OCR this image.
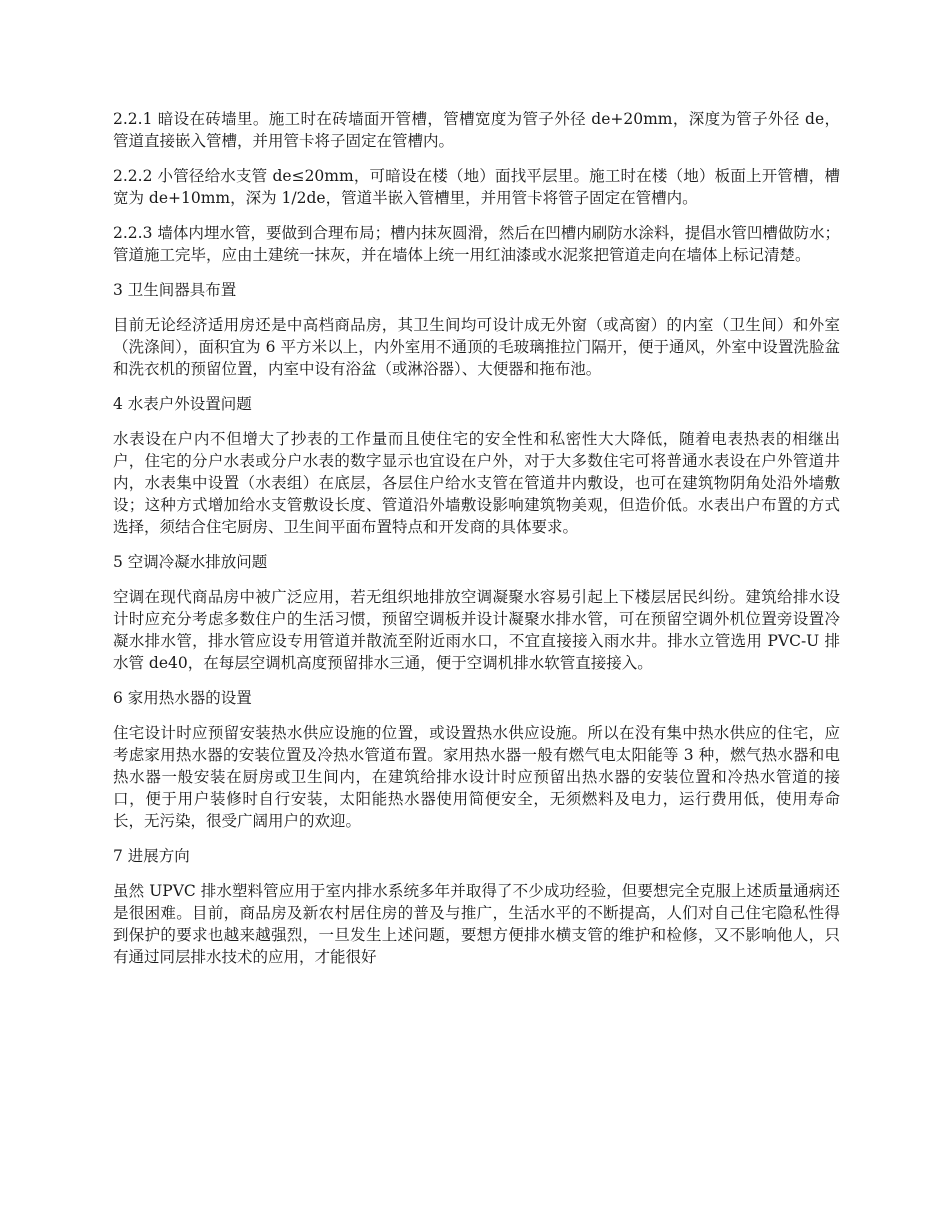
2.2.1 暗设在砖墙里。施工时在砖墙面开管槽，管槽宽度为管子外径 de+20mm，深度为管子外径 de，管道直接嵌入管槽，并用管卡将子固定在管槽内。

2.2.2 小管径给水支管 de≤20mm，可暗设在楼（地）面找平层里。施工时在楼（地）板面上开管槽，槽宽为 de+10mm，深为 1/2de，管道半嵌入管槽里，并用管卡将管子固定在管槽内。

2.2.3 墙体内埋水管，要做到合理布局；槽内抹灰圆滑，然后在凹槽内刷防水涂料，提倡水管凹槽做防水；管道施工完毕，应由土建统一抹灰，并在墙体上统一用红油漆或水泥浆把管道走向在墙体上标记清楚。

3 卫生间器具布置

目前无论经济适用房还是中高档商品房，其卫生间均可设计成无外窗（或高窗）的内室（卫生间）和外室（洗涤间），面积宜为 6 平方米以上，内外室用不通顶的毛玻璃推拉门隔开，便于通风，外室中设置洗脸盆和洗衣机的预留位置，内室中设有浴盆（或淋浴器）、大便器和拖布池。

4 水表户外设置问题

水表设在户内不但增大了抄表的工作量而且使住宅的安全性和私密性大大降低，随着电表热表的相继出户，住宅的分户水表或分户水表的数字显示也宜设在户外，对于大多数住宅可将普通水表设在户外管道井内，水表集中设置（水表组）在底层，各层住户给水支管在管道井内敷设，也可在建筑物阴角处沿外墙敷设；这种方式增加给水支管敷设长度、管道沿外墙敷设影响建筑物美观，但造价低。水表出户布置的方式选择，须结合住宅厨房、卫生间平面布置特点和开发商的具体要求。

5 空调冷凝水排放问题

空调在现代商品房中被广泛应用，若无组织地排放空调凝聚水容易引起上下楼层居民纠纷。建筑给排水设计时应充分考虑多数住户的生活习惯，预留空调板并设计凝聚水排水管，可在预留空调外机位置旁设置冷凝水排水管，排水管应设专用管道并散流至附近雨水口，不宜直接接入雨水井。排水立管选用 PVC-U 排水管 de40，在每层空调机高度预留排水三通，便于空调机排水软管直接接入。

6 家用热水器的设置

住宅设计时应预留安装热水供应设施的位置，或设置热水供应设施。所以在没有集中热水供应的住宅，应考虑家用热水器的安装位置及冷热水管道布置。家用热水器一般有燃气电太阳能等 3 种，燃气热水器和电热水器一般安装在厨房或卫生间内，在建筑给排水设计时应预留出热水器的安装位置和冷热水管道的接口，便于用户装修时自行安装，太阳能热水器使用简便安全，无须燃料及电力，运行费用低，使用寿命长，无污染，很受广阔用户的欢迎。

7 进展方向

虽然 UPVC 排水塑料管应用于室内排水系统多年并取得了不少成功经验，但要想完全克服上述质量通病还是很困难。目前，商品房及新农村居住房的普及与推广，生活水平的不断提高，人们对自己住宅隐私性得到保护的要求也越来越强烈，一旦发生上述问题，要想方便排水横支管的维护和检修，又不影响他人，只有通过同层排水技术的应用，才能很好
